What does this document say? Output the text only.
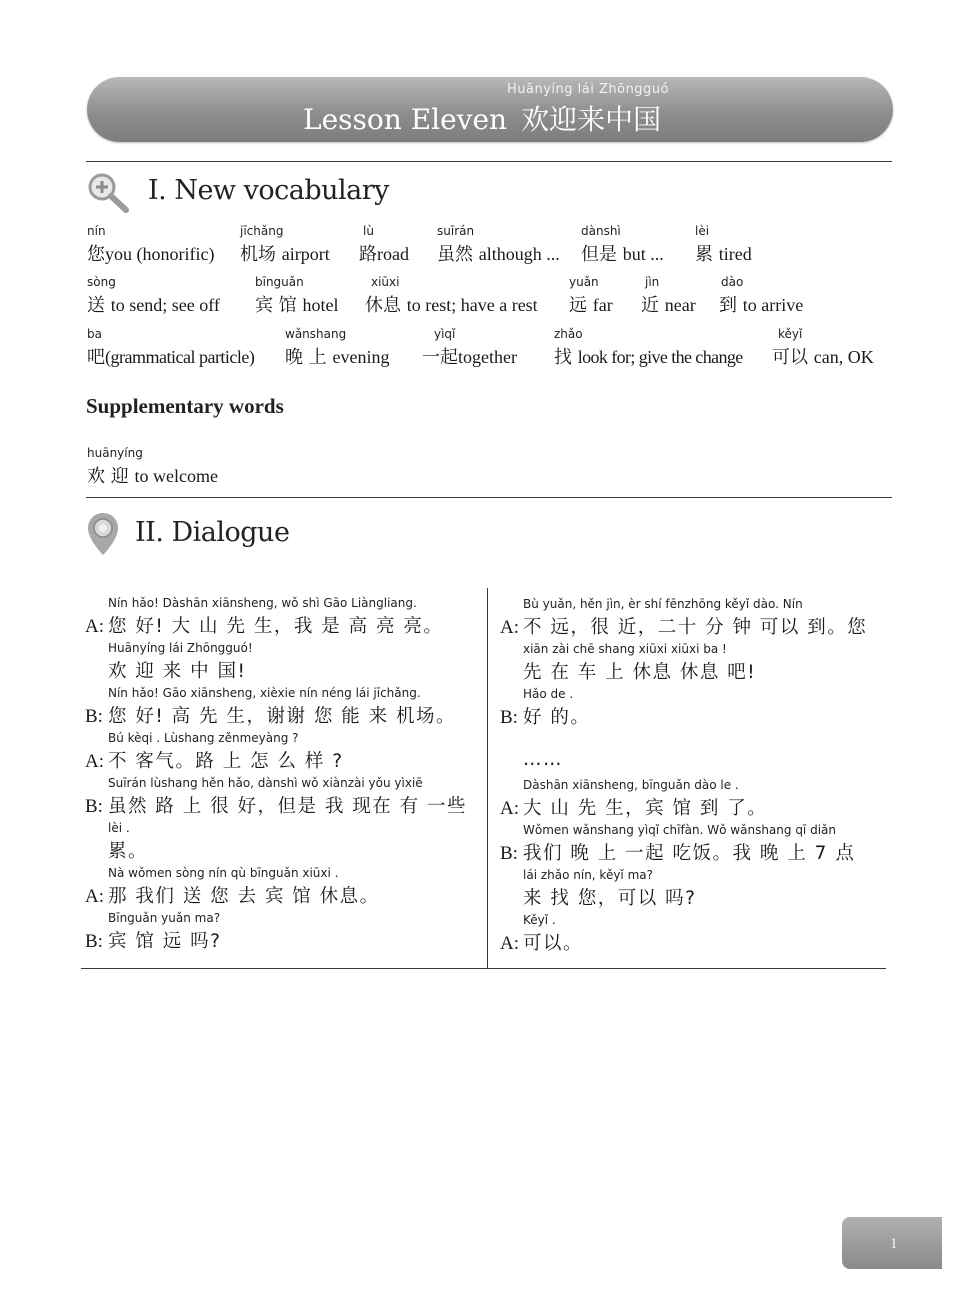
Huānyíng lái Zhōngguó
Lesson Eleven 欢迎来中国
I. New vocabulary
nín
您you (honorific)
jīchǎng
机场 airport
lù
路road
suīrán
虽然 although ...
dànshì
但是 but ...
lèi
累 tired
sòng
送 to send; see off
bīnguǎn
宾 馆 hotel
xiūxi
休息 to rest; have a rest
yuǎn
远 far
jìn
近 near
dào
到 to arrive
ba
吧(grammatical particle)
wǎnshang
晚 上 evening
yìqǐ
一起together
zhǎo
找 look for; give the change
kěyǐ
可以 can, OK
Supplementary words
huānyíng
欢 迎 to welcome
II. Dialogue
Nín hǎo! Dàshān xiānsheng, wǒ shì Gāo Liàngliang.
A: 您 好! 大 山 先 生，我 是 高 亮 亮。
Huānyíng lái Zhōngguó!
欢 迎 来 中 国!
Nín hǎo! Gāo xiānsheng, xièxie nín néng lái jīchǎng.
B: 您 好! 高 先 生，谢谢 您 能 来 机场。
Bú kèqi . Lùshang zěnmeyàng ?
A: 不 客气。路 上 怎 么 样 ?
Suīrán lùshang hěn hǎo, dànshì wǒ xiànzài yǒu yìxiē
B: 虽然 路 上 很 好，但是 我 现在 有 一些
lèi .
累。
Nà wǒmen sòng nín qù bīnguǎn xiūxi .
A: 那 我们 送 您 去 宾 馆 休息。
Bīnguǎn yuǎn ma?
B: 宾 馆 远 吗?
Bù yuǎn, hěn jìn, èr shí fēnzhōng kěyǐ dào. Nín
A: 不 远，很 近，二十 分 钟 可以 到。您
xiān zài chē shang xiūxi xiūxi ba !
先 在 车 上 休息 休息 吧!
Hǎo de .
B: 好 的。
……
Dàshān xiānsheng, bīnguǎn dào le .
A: 大 山 先 生，宾 馆 到 了。
Wǒmen wǎnshang yìqǐ chīfàn. Wǒ wǎnshang qī diǎn
B: 我们 晚 上 一起 吃饭。我 晚 上 7 点
lái zhǎo nín, kěyǐ ma?
来 找 您，可以 吗?
Kěyǐ .
A: 可以。
1
